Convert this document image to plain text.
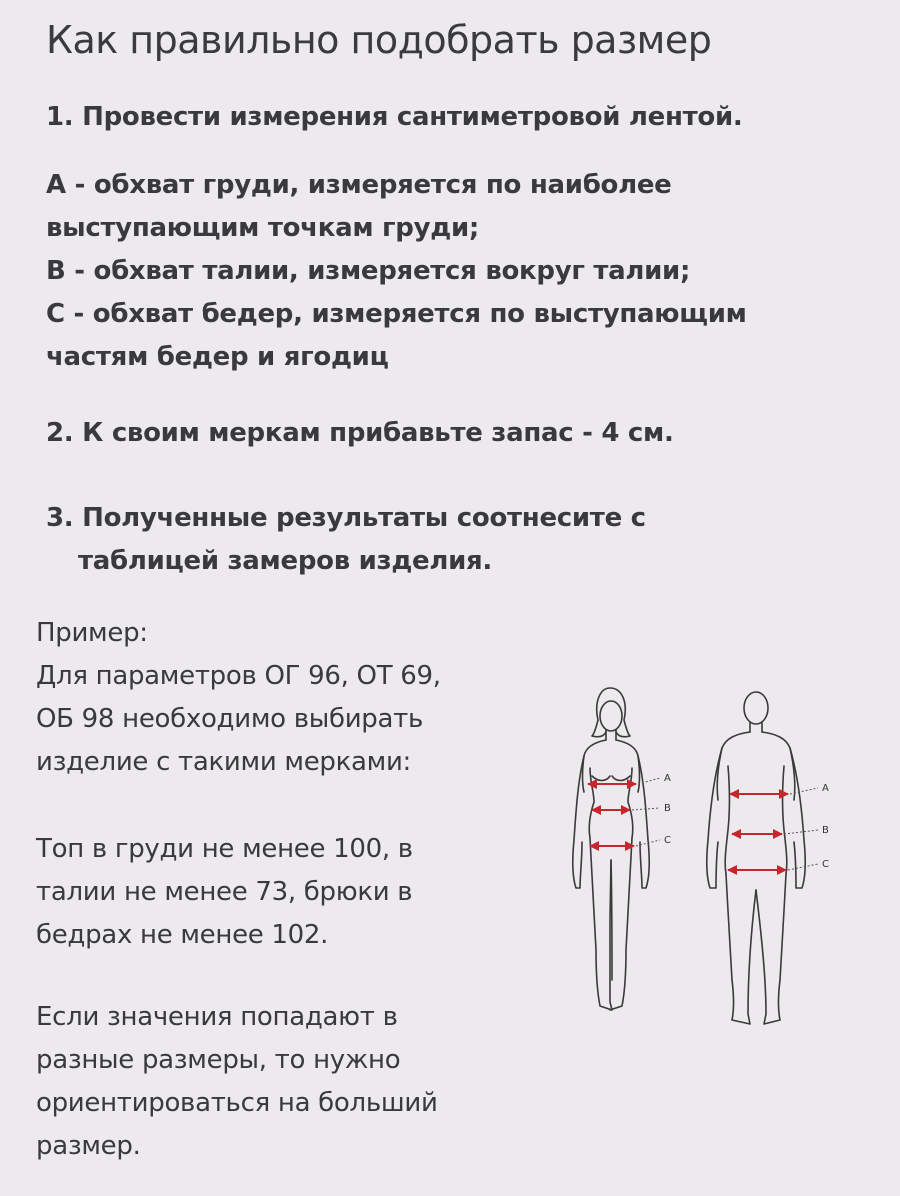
Как правильно подобрать размер

1. Провести измерения сантиметровой лентой.

А - обхват груди, измеряется по наиболее
выступающим точкам груди;
В - обхват талии, измеряется вокруг талии;
С - обхват бедер, измеряется по выступающим
частям бедер и ягодиц

2. К своим меркам прибавьте запас - 4 см.

3. Полученные результаты соотнесите с
таблицей замеров изделия.

Пример:
Для параметров ОГ 96, ОТ 69,
ОБ 98 необходимо выбирать
изделие с такими мерками:

Топ в груди не менее 100, в
талии не менее 73, брюки в
бедрах не менее 102.

Если значения попадают в
разные размеры, то нужно
ориентироваться на больший
размер.

A
B
C
A
B
C
